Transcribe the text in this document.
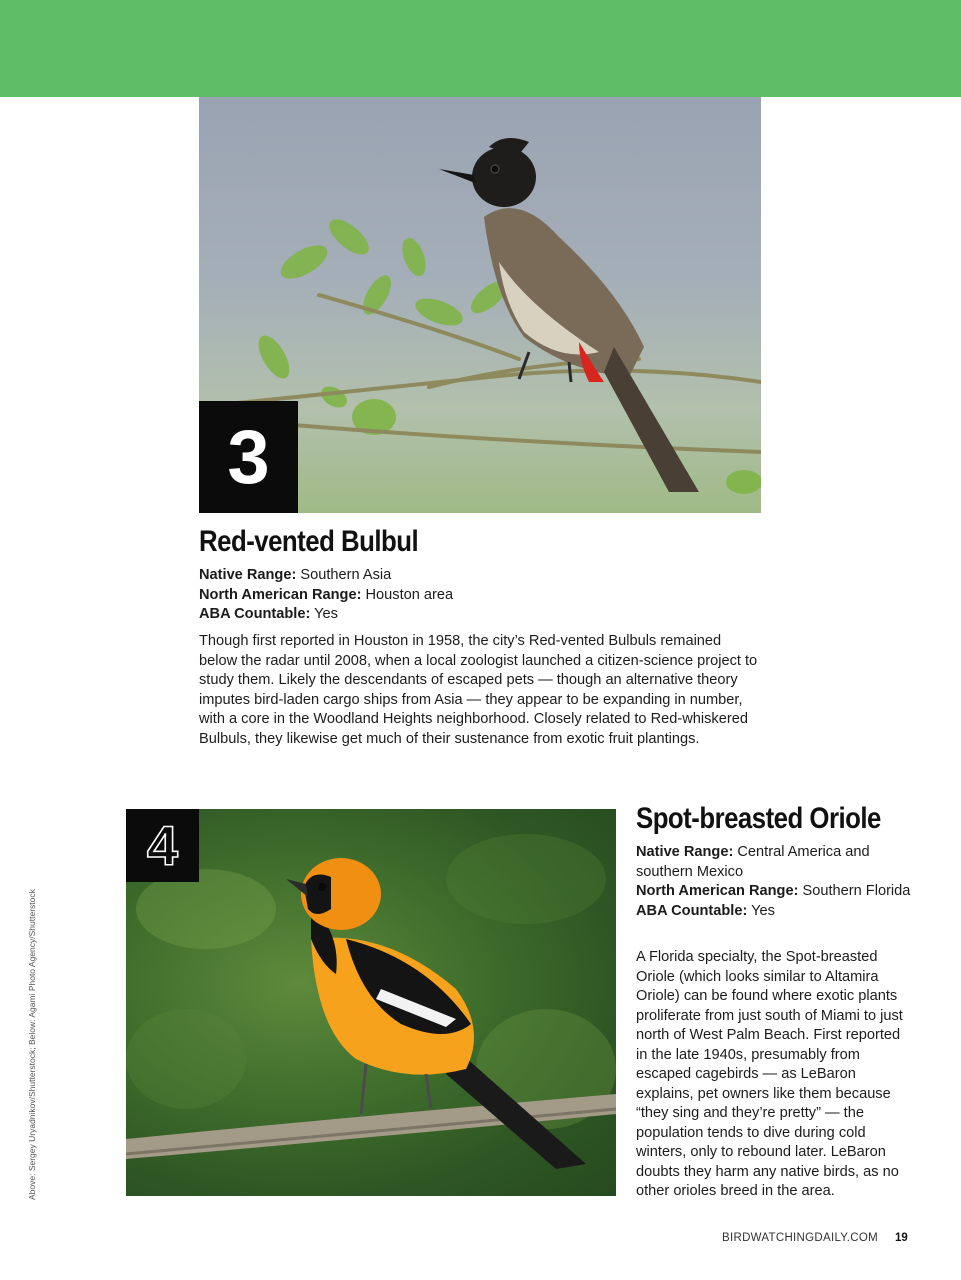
3
Red-vented Bulbul
Native Range: Southern Asia
North American Range: Houston area
ABA Countable: Yes

Though first reported in Houston in 1958, the city’s Red-vented Bulbuls remained below the radar until 2008, when a local zoologist launched a citizen-science project to study them. Likely the descendants of escaped pets — though an alternative theory imputes bird-laden cargo ships from Asia — they appear to be expanding in number, with a core in the Woodland Heights neighborhood. Closely related to Red-whiskered Bulbuls, they likewise get much of their sustenance from exotic fruit plantings.

4	Spot-breasted Oriole
Native Range: Central America and southern Mexico
North American Range: Southern Florida
ABA Countable: Yes

A Florida specialty, the Spot-breasted Oriole (which looks similar to Altamira Oriole) can be found where exotic plants proliferate from just south of Miami to just north of West Palm Beach. First reported in the late 1940s, presumably from escaped cagebirds — as LeBaron explains, pet owners like them because “they sing and they’re pretty” — the population tends to dive during cold winters, only to rebound later. LeBaron doubts they harm any native birds, as no other orioles breed in the area.

Above: Sergey Uryadnikov/Shutterstock; Below: Agami Photo Agency/Shutterstock
BIRDWATCHINGDAILY.COM 19
